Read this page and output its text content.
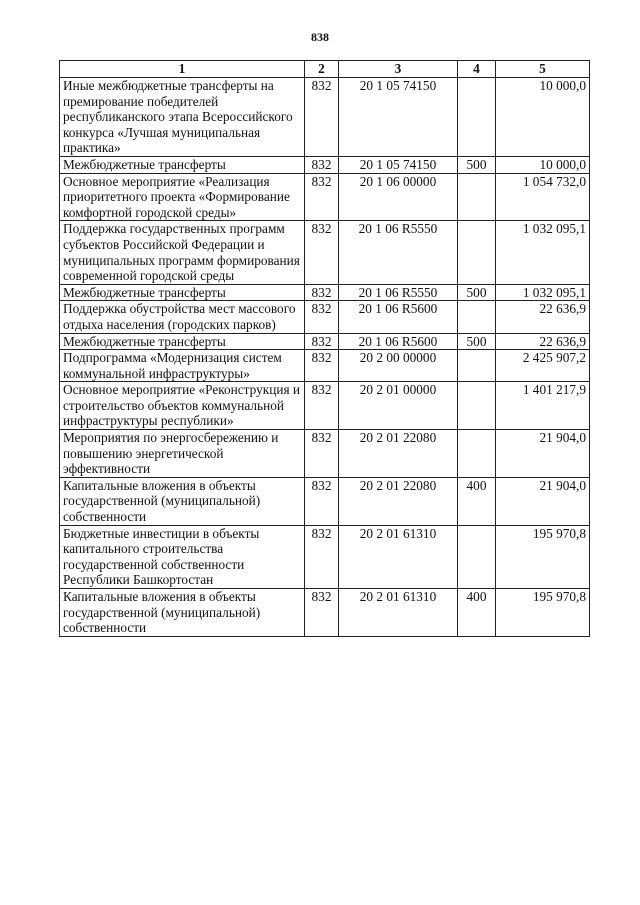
838
1	2	3	4	5
Иные межбюджетные трансферты на премирование победителей республиканского этапа Всероссийского конкурса «Лучшая муниципальная практика»	832	20 1 05 74150		10 000,0
Межбюджетные трансферты	832	20 1 05 74150	500	10 000,0
Основное мероприятие «Реализация приоритетного проекта «Формирование комфортной городской среды»	832	20 1 06 00000		1 054 732,0
Поддержка государственных программ субъектов Российской Федерации и муниципальных программ формирования современной городской среды	832	20 1 06 R5550		1 032 095,1
Межбюджетные трансферты	832	20 1 06 R5550	500	1 032 095,1
Поддержка обустройства мест массового отдыха населения (городских парков)	832	20 1 06 R5600		22 636,9
Межбюджетные трансферты	832	20 1 06 R5600	500	22 636,9
Подпрограмма «Модернизация систем коммунальной инфраструктуры»	832	20 2 00 00000		2 425 907,2
Основное мероприятие «Реконструкция и строительство объектов коммунальной инфраструктуры республики»	832	20 2 01 00000		1 401 217,9
Мероприятия по энергосбережению и повышению энергетической эффективности	832	20 2 01 22080		21 904,0
Капитальные вложения в объекты государственной (муниципальной) собственности	832	20 2 01 22080	400	21 904,0
Бюджетные инвестиции в объекты капитального строительства государственной собственности Республики Башкортостан	832	20 2 01 61310		195 970,8
Капитальные вложения в объекты государственной (муниципальной) собственности	832	20 2 01 61310	400	195 970,8
